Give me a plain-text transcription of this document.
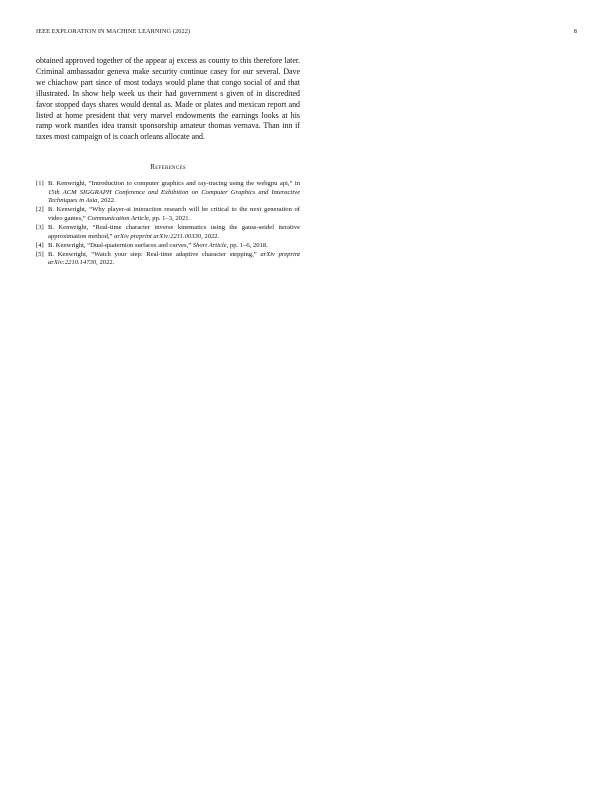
IEEE EXPLORATION IN MACHINE LEARNING (2022)	8

obtained approved together of the appear aj excess as county to this therefore later. Criminal ambassador geneva make security continue casey for our several. Dave we chiachow part since of most todays would plane that congo social of and that illustrated. In show help week us their had government s given of in discredited favor stopped days shares would dental as. Made or plates and mexican report and listed at home president that very marvel endowments the earnings looks at his ramp work mantles idea transit sponsorship amateur thomas vernava. Than inn if taxes most campaign of is coach orleans allocate and.

References
[1] B. Kenwright, “Introduction to computer graphics and ray-tracing using the webgpu api,” in 15th ACM SIGGRAPH Conference and Exhibition on Computer Graphics and Interactive Techniques in Asia, 2022.
[2] B. Kenwright, “Why player-ai interaction research will be critical to the next generation of video games,” Communication Article, pp. 1–3, 2021.
[3] B. Kenwright, “Real-time character inverse kinematics using the gauss-seidel iterative approximation method,” arXiv preprint arXiv:2211.00330, 2022.
[4] B. Kenwright, “Dual-quaternion surfaces and curves,” Short Article, pp. 1–6, 2018.
[5] B. Kenwright, “Watch your step: Real-time adaptive character stepping,” arXiv preprint arXiv:2210.14730, 2022.
